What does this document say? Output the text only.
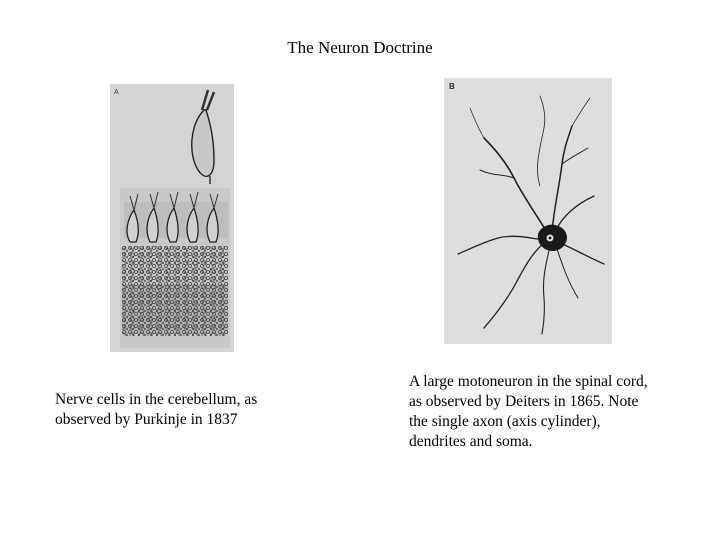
The Neuron Doctrine
A
B
Nerve cells in the cerebellum, as
observed by Purkinje in 1837
A large motoneuron in the spinal cord,
as observed by Deiters in 1865. Note
the single axon (axis cylinder),
dendrites and soma.
